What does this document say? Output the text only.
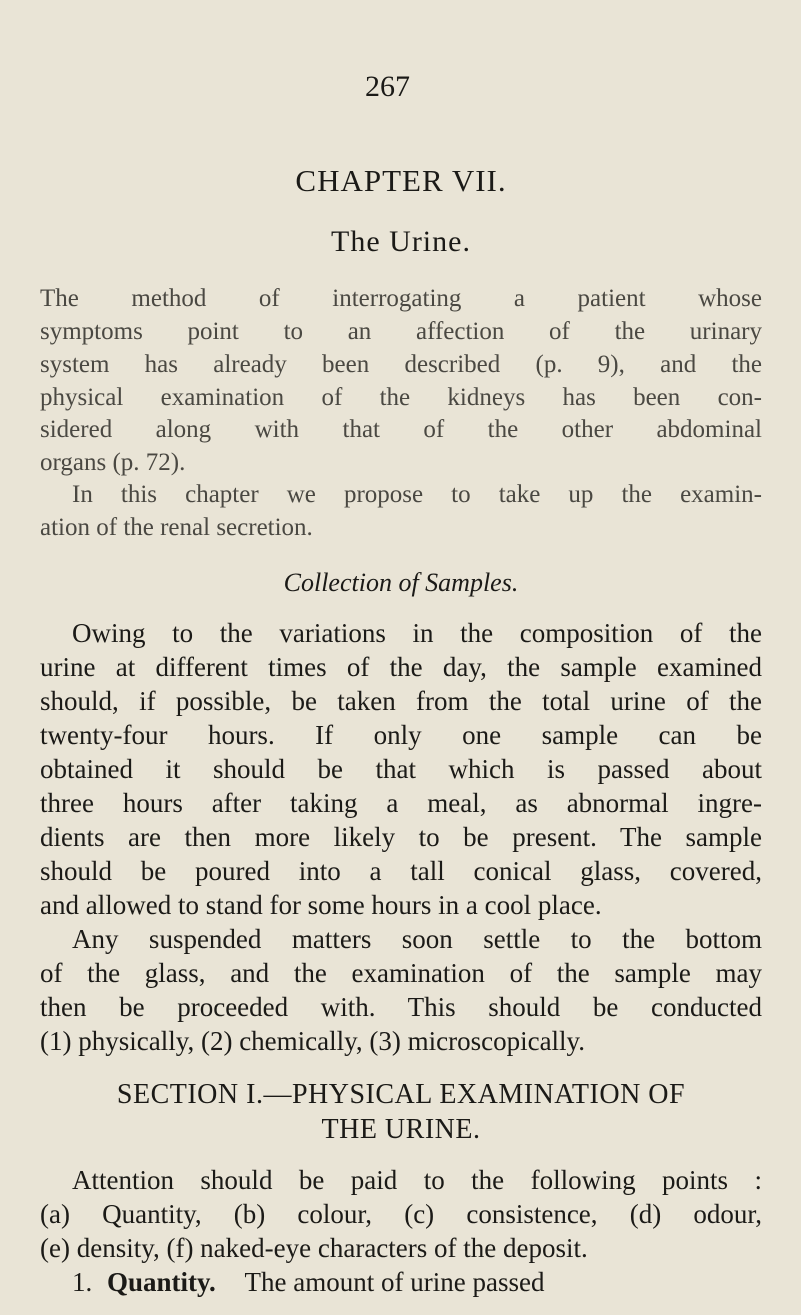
267
CHAPTER VII.
The Urine.
The method of interrogating a patient whose
symptoms point to an affection of the urinary
system has already been described (p. 9), and the
physical examination of the kidneys has been con-
sidered along with that of the other abdominal
organs (p. 72).
In this chapter we propose to take up the examin-
ation of the renal secretion.
Collection of Samples.
Owing to the variations in the composition of the
urine at different times of the day, the sample examined
should, if possible, be taken from the total urine of the
twenty-four hours. If only one sample can be
obtained it should be that which is passed about
three hours after taking a meal, as abnormal ingre-
dients are then more likely to be present. The sample
should be poured into a tall conical glass, covered,
and allowed to stand for some hours in a cool place.
Any suspended matters soon settle to the bottom
of the glass, and the examination of the sample may
then be proceeded with. This should be conducted
(1) physically, (2) chemically, (3) microscopically.
SECTION I.—PHYSICAL EXAMINATION OF
THE URINE.
Attention should be paid to the following points :
(a) Quantity, (b) colour, (c) consistence, (d) odour,
(e) density, (f) naked-eye characters of the deposit.
1. Quantity. The amount of urine passed
